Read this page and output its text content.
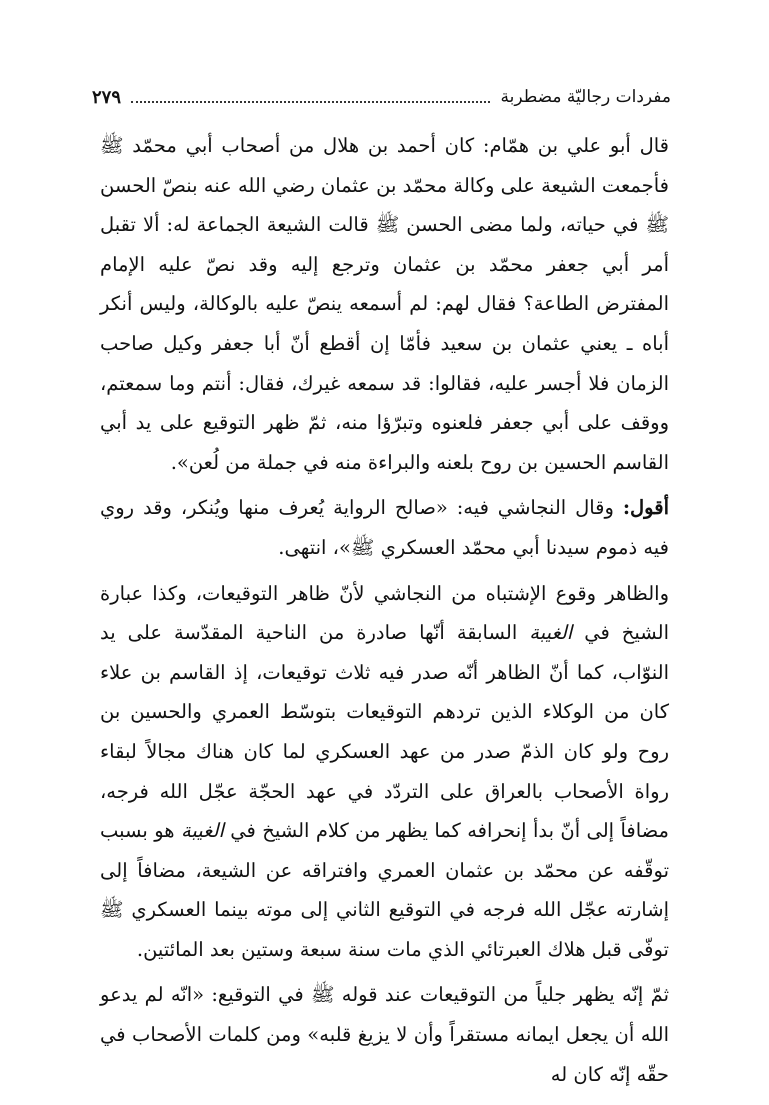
مفردات رجاليّة مضطربة
٢٧٩

قال أبو علي بن همّام: كان أحمد بن هلال من أصحاب أبي محمّد ﷺ فأجمعت الشيعة على وكالة محمّد بن عثمان رضي الله عنه بنصّ الحسن ﷺ في حياته، ولما مضى الحسن ﷺ قالت الشيعة الجماعة له: ألا تقبل أمر أبي جعفر محمّد بن عثمان وترجع إليه وقد نصّ عليه الإمام المفترض الطاعة؟ فقال لهم: لم أسمعه ينصّ عليه بالوكالة، وليس أنكر أباه ـ يعني عثمان بن سعيد فأمّا إن أقطع أنّ أبا جعفر وكيل صاحب الزمان فلا أجسر عليه، فقالوا: قد سمعه غيرك، فقال: أنتم وما سمعتم، ووقف على أبي جعفر فلعنوه وتبرّؤا منه، ثمّ ظهر التوقيع على يد أبي القاسم الحسين بن روح بلعنه والبراءة منه في جملة من لُعن».

أقول: وقال النجاشي فيه: «صالح الرواية يُعرف منها ويُنكر، وقد روي فيه ذموم سيدنا أبي محمّد العسكري ﷺ»، انتهى.

والظاهر وقوع الإشتباه من النجاشي لأنّ ظاهر التوقيعات، وكذا عبارة الشيخ في الغيبة السابقة أنّها صادرة من الناحية المقدّسة على يد النوّاب، كما أنّ الظاهر أنّه صدر فيه ثلاث توقيعات، إذ القاسم بن علاء كان من الوكلاء الذين تردهم التوقيعات بتوسّط العمري والحسين بن روح ولو كان الذمّ صدر من عهد العسكري لما كان هناك مجالاً لبقاء رواة الأصحاب بالعراق على التردّد في عهد الحجّة عجّل الله فرجه، مضافاً إلى أنّ بدأ إنحرافه كما يظهر من كلام الشيخ في الغيبة هو بسبب توقّفه عن محمّد بن عثمان العمري وافتراقه عن الشيعة، مضافاً إلى إشارته عجّل الله فرجه في التوقيع الثاني إلى موته بينما العسكري ﷺ توفّى قبل هلاك العبرتائي الذي مات سنة سبعة وستين بعد المائتين.

ثمّ إنّه يظهر جلياً من التوقيعات عند قوله ﷺ في التوقيع: «انّه لم يدعو الله أن يجعل ايمانه مستقراً وأن لا يزيغ قلبه» ومن كلمات الأصحاب في حقّه إنّه كان له
